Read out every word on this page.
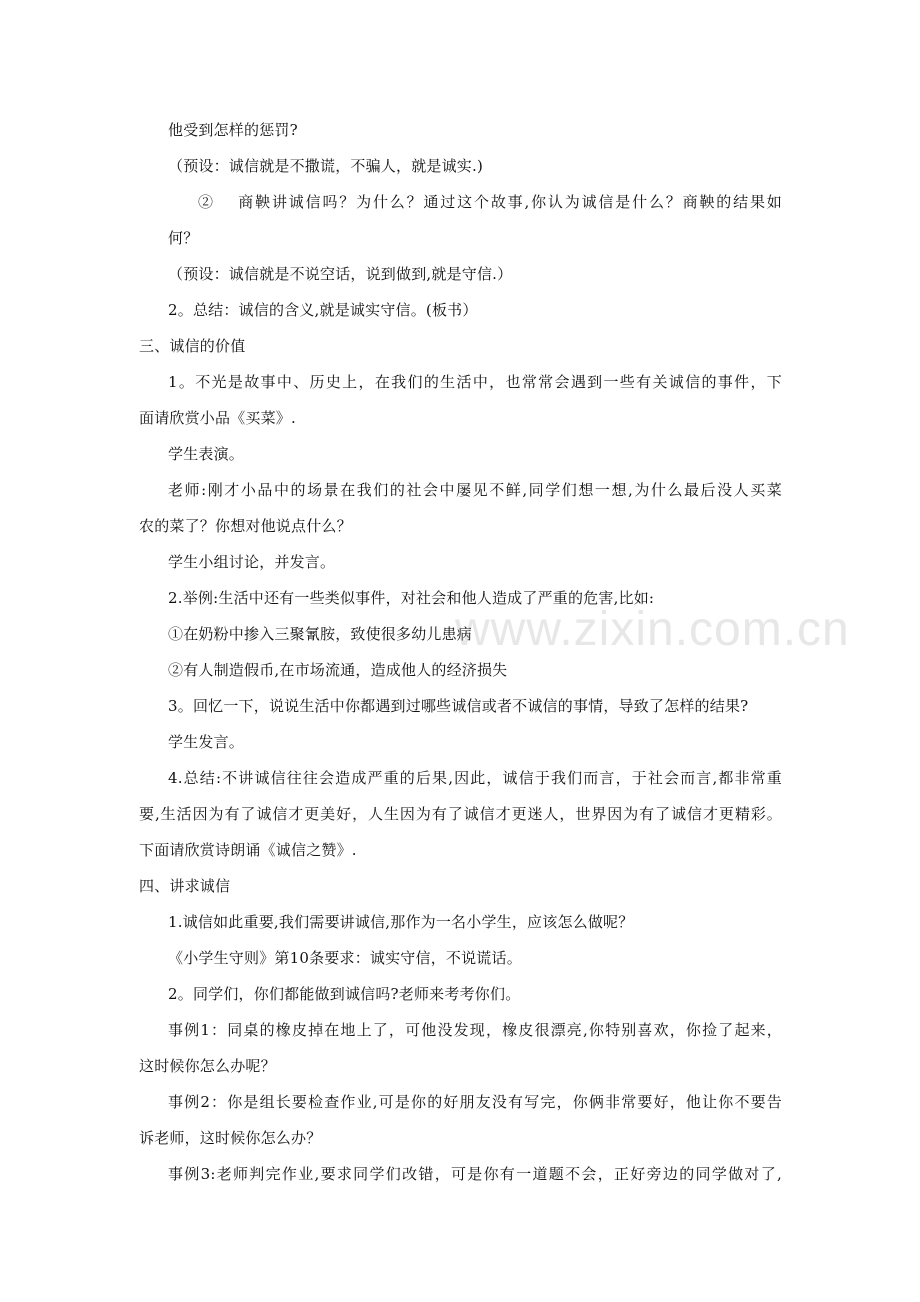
他受到怎样的惩罚?
（预设：诚信就是不撒谎，不骗人，就是诚实.)
②　 商鞅讲诚信吗？为什么？通过这个故事,你认为诚信是什么？商鞅的结果如
何？
（预设：诚信就是不说空话，说到做到,就是守信.）
2。总结：诚信的含义,就是诚实守信。(板书）
三、诚信的价值
1。不光是故事中、历史上，在我们的生活中，也常常会遇到一些有关诚信的事件，下
面请欣赏小品《买菜》.
学生表演。
老师:刚才小品中的场景在我们的社会中屡见不鲜,同学们想一想,为什么最后没人买菜
农的菜了？你想对他说点什么？
学生小组讨论，并发言。
2.举例:生活中还有一些类似事件，对社会和他人造成了严重的危害,比如:
①在奶粉中掺入三聚氰胺，致使很多幼儿患病
②有人制造假币,在市场流通，造成他人的经济损失
3。回忆一下，说说生活中你都遇到过哪些诚信或者不诚信的事情，导致了怎样的结果?
学生发言。
4.总结:不讲诚信往往会造成严重的后果,因此，诚信于我们而言，于社会而言,都非常重
要,生活因为有了诚信才更美好，人生因为有了诚信才更迷人，世界因为有了诚信才更精彩。
下面请欣赏诗朗诵《诚信之赞》.
四、讲求诚信
1.诚信如此重要,我们需要讲诚信,那作为一名小学生，应该怎么做呢？
《小学生守则》第10条要求：诚实守信，不说谎话。
2。同学们，你们都能做到诚信吗?老师来考考你们。
事例1：同桌的橡皮掉在地上了，可他没发现，橡皮很漂亮,你特别喜欢，你捡了起来，
这时候你怎么办呢？
事例2：你是组长要检查作业,可是你的好朋友没有写完，你俩非常要好，他让你不要告
诉老师，这时候你怎么办？
事例3:老师判完作业,要求同学们改错，可是你有一道题不会，正好旁边的同学做对了,
www.zixin.com.cn
